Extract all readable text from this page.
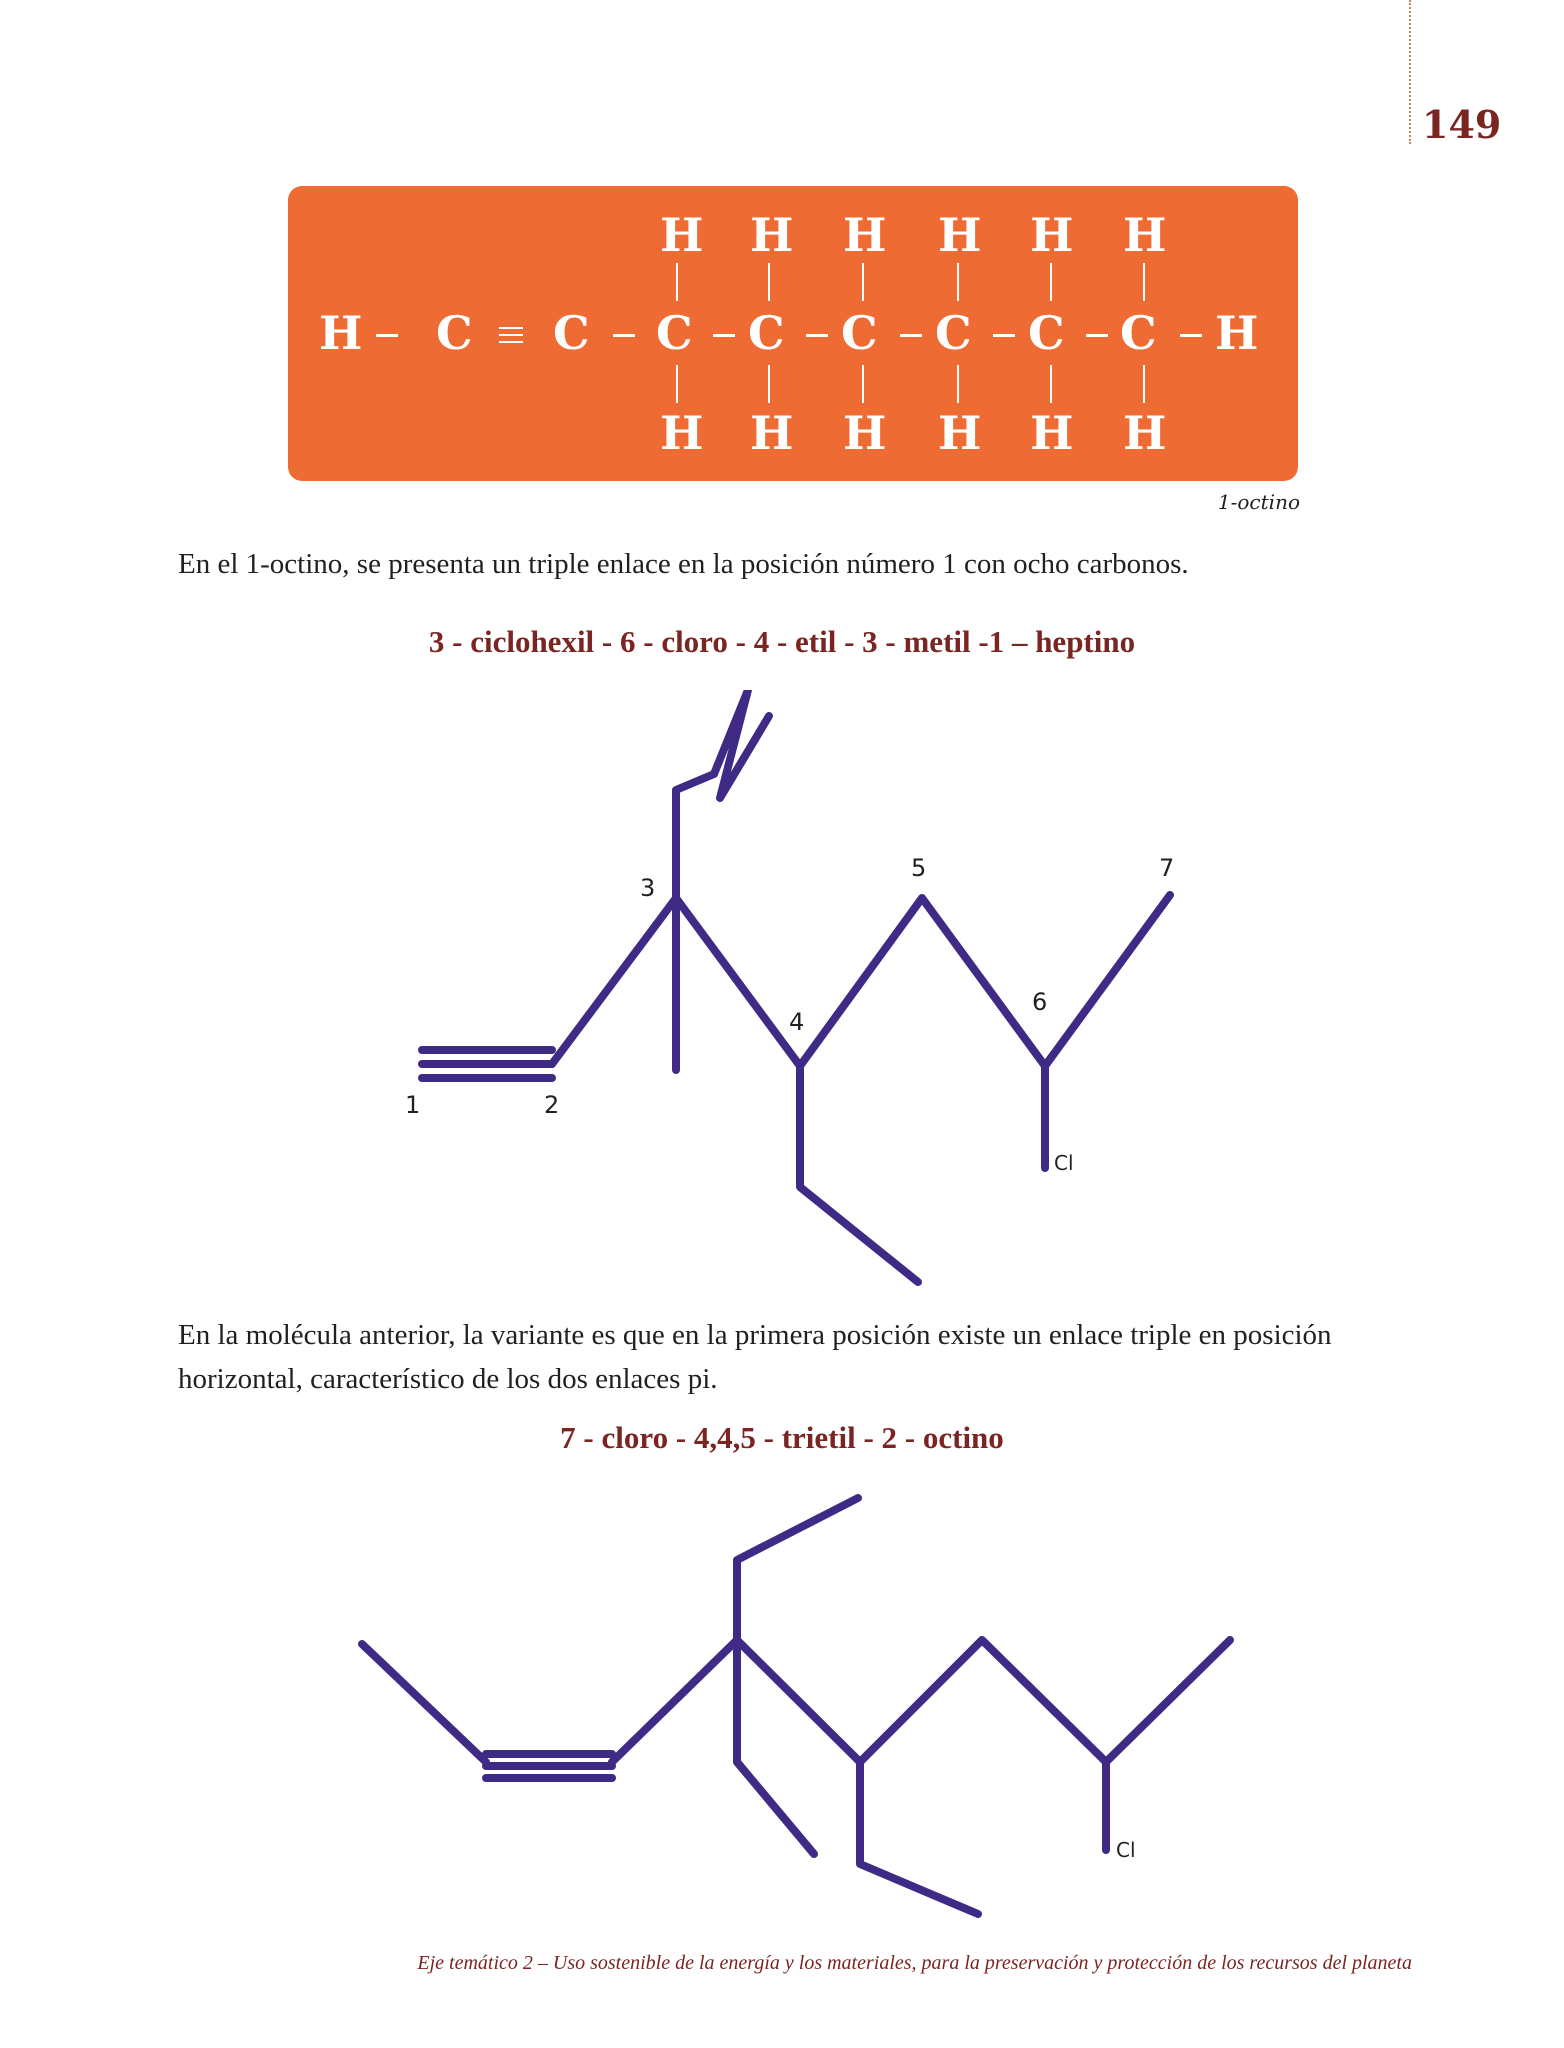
149
H C C C
H
H
C
H
H
C
H
H
C
H
H
C
H
H
C
H
H
H
1-octino
En el 1-octino, se presenta un triple enlace en la posición número 1 con ocho carbonos.
3 - ciclohexil - 6 - cloro - 4 - etil - 3 - metil -1 – heptino
1	2
3
4
5
6
7
Cl
En la molécula anterior, la variante es que en la primera posición existe un enlace triple en posición horizontal, característico de los dos enlaces pi.
7 - cloro - 4,4,5 - trietil - 2 - octino
Cl
Eje temático 2 – Uso sostenible de la energía y los materiales, para la preservación y protección de los recursos del planeta
